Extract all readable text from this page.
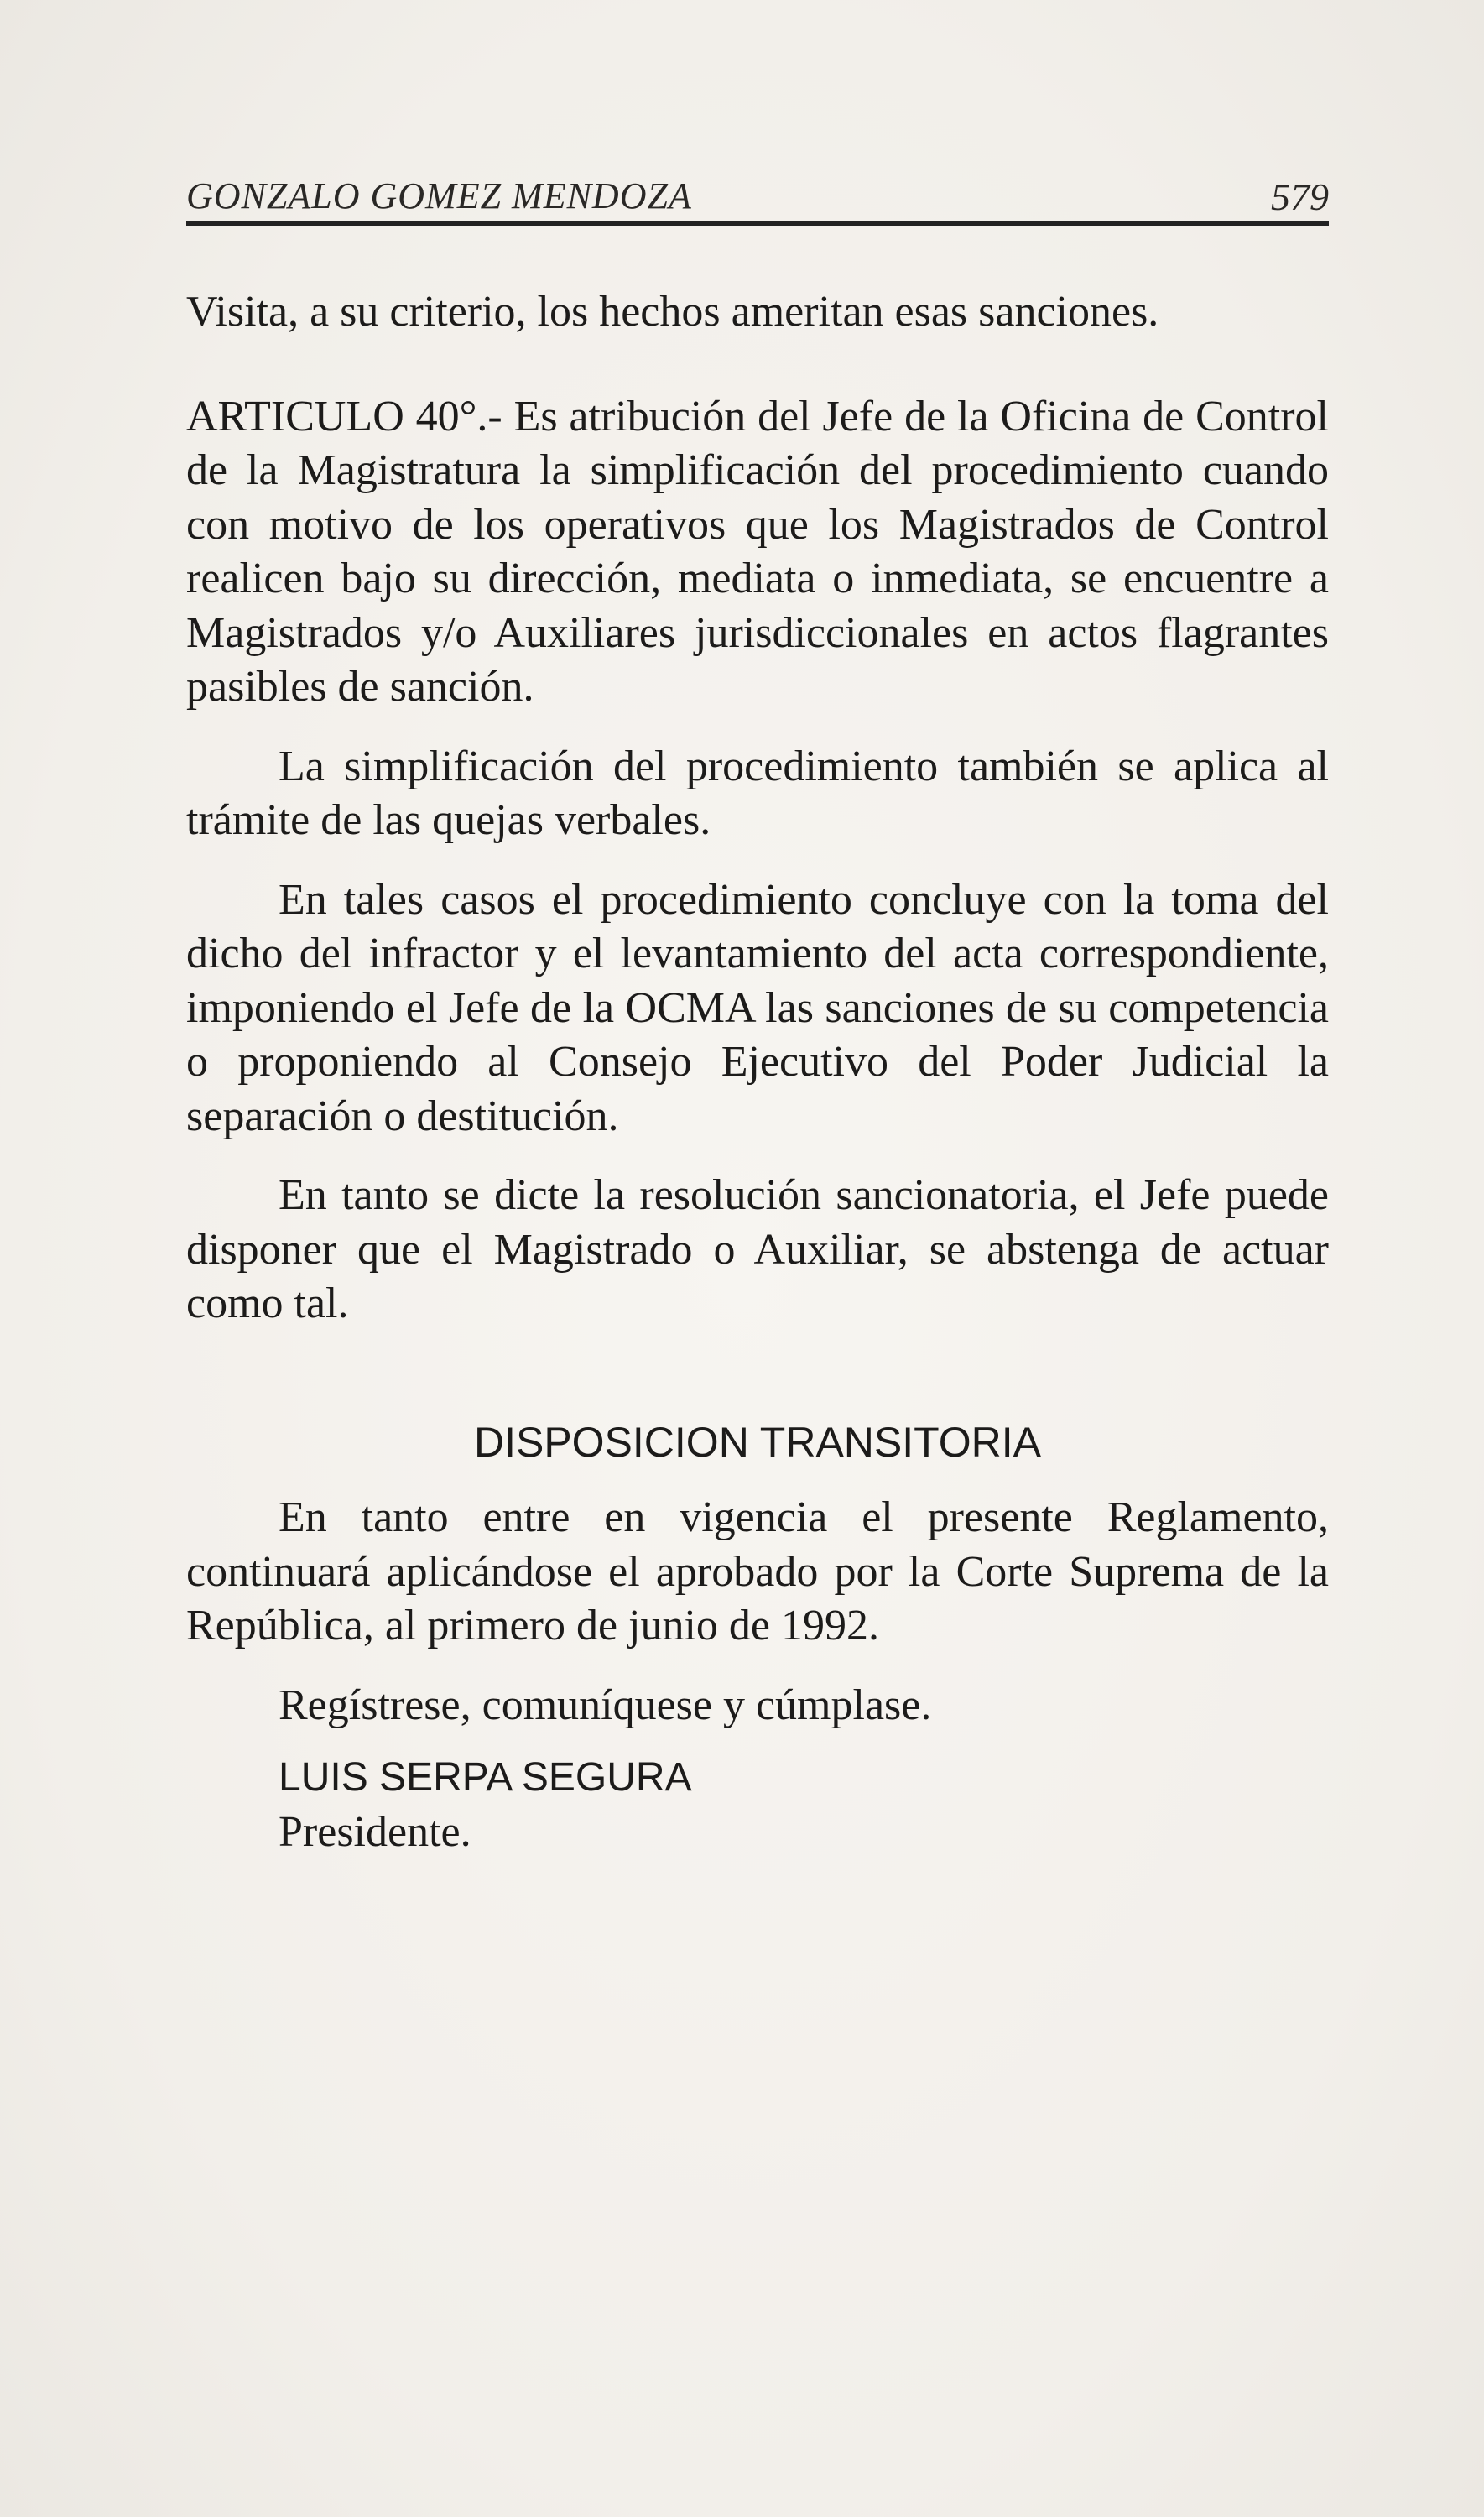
GONZALO GOMEZ MENDOZA	579

Visita, a su criterio, los hechos ameritan esas sanciones.

ARTICULO 40°.- Es atribución del Jefe de la Oficina de Control de la Magistratura la simplificación del procedimiento cuando con motivo de los operativos que los Magistrados de Control realicen bajo su dirección, mediata o inmediata, se encuentre a Magistrados y/o Auxiliares jurisdiccionales en actos flagrantes pasibles de sanción.

La simplificación del procedimiento también se aplica al trámite de las quejas verbales.

En tales casos el procedimiento concluye con la toma del dicho del infractor y el levantamiento del acta correspondiente, imponiendo el Jefe de la OCMA las sanciones de su competencia o proponiendo al Consejo Ejecutivo del Poder Judicial la separación o destitución.

En tanto se dicte la resolución sancionatoria, el Jefe puede disponer que el Magistrado o Auxiliar, se abstenga de actuar como tal.

DISPOSICION TRANSITORIA

En tanto entre en vigencia el presente Reglamento, continuará aplicándose el aprobado por la Corte Suprema de la República, al primero de junio de 1992.

Regístrese, comuníquese y cúmplase.

LUIS SERPA SEGURA

Presidente.
